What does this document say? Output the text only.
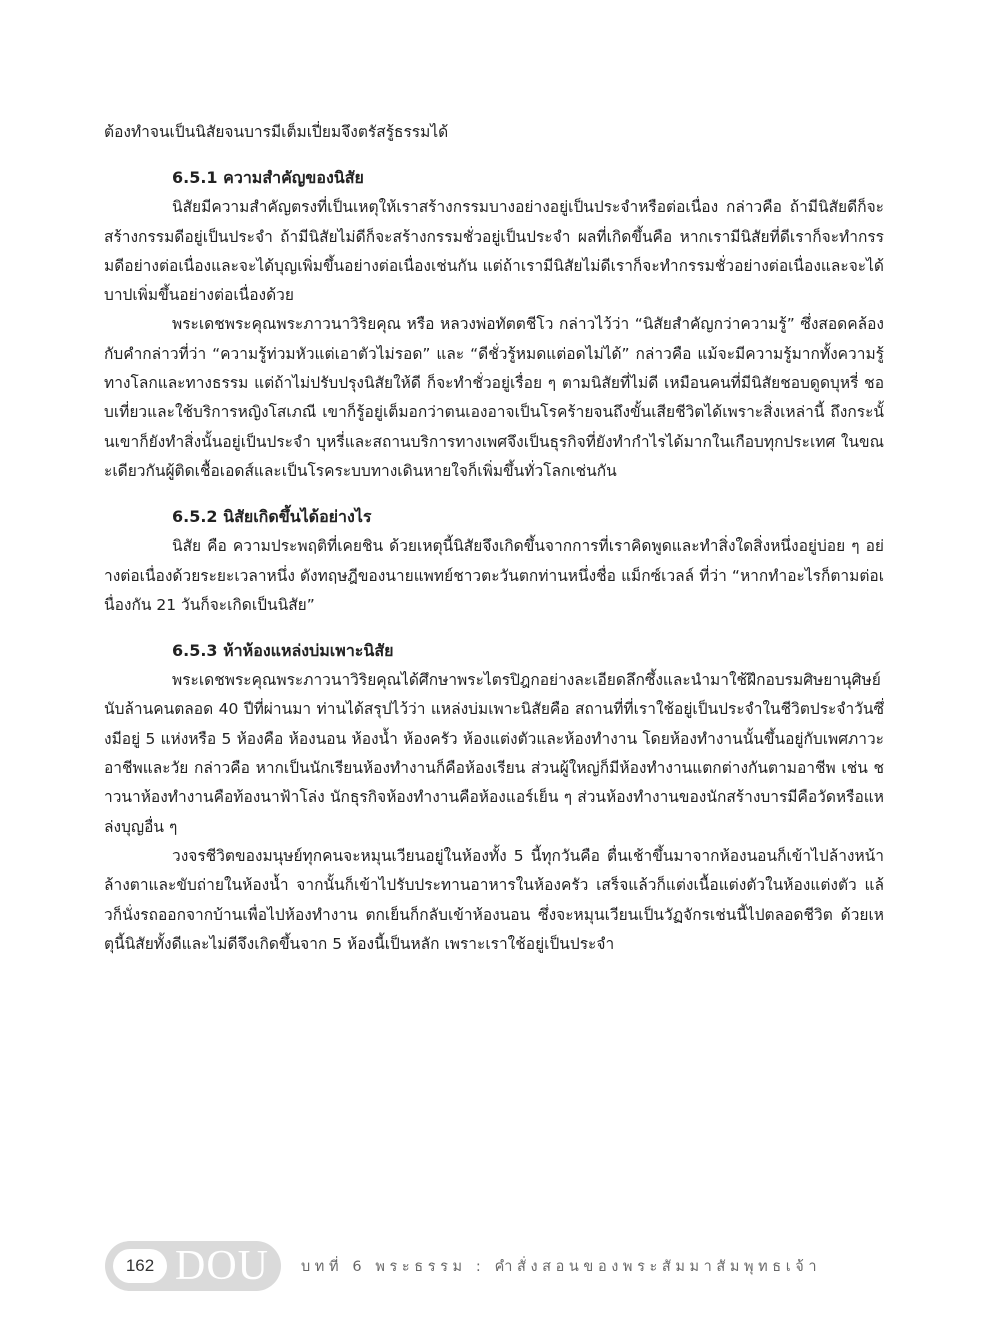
ต้องทำจนเป็นนิสัยจนบารมีเต็มเปี่ยมจึงตรัสรู้ธรรมได้

6.5.1 ความสำคัญของนิสัย

นิสัยมีความสำคัญตรงที่เป็นเหตุให้เราสร้างกรรมบางอย่างอยู่เป็นประจำหรือต่อเนื่อง กล่าวคือ ถ้ามีนิสัยดีก็จะสร้างกรรมดีอยู่เป็นประจำ ถ้ามีนิสัยไม่ดีก็จะสร้างกรรมชั่วอยู่เป็นประจำ ผลที่เกิดขึ้นคือ หากเรามีนิสัยที่ดีเราก็จะทำกรรมดีอย่างต่อเนื่องและจะได้บุญเพิ่มขึ้นอย่างต่อเนื่องเช่นกัน แต่ถ้าเรามีนิสัยไม่ดีเราก็จะทำกรรมชั่วอย่างต่อเนื่องและจะได้บาปเพิ่มขึ้นอย่างต่อเนื่องด้วย

พระเดชพระคุณพระภาวนาวิริยคุณ หรือ หลวงพ่อทัตตชีโว กล่าวไว้ว่า “นิสัยสำคัญกว่าความรู้” ซึ่งสอดคล้องกับคำกล่าวที่ว่า “ความรู้ท่วมหัวแต่เอาตัวไม่รอด” และ “ดีชั่วรู้หมดแต่อดไม่ได้” กล่าวคือ แม้จะมีความรู้มากทั้งความรู้ทางโลกและทางธรรม แต่ถ้าไม่ปรับปรุงนิสัยให้ดี ก็จะทำชั่วอยู่เรื่อย ๆ ตามนิสัยที่ไม่ดี เหมือนคนที่มีนิสัยชอบดูดบุหรี่ ชอบเที่ยวและใช้บริการหญิงโสเภณี เขาก็รู้อยู่เต็มอกว่าตนเองอาจเป็นโรคร้ายจนถึงขั้นเสียชีวิตได้เพราะสิ่งเหล่านี้ ถึงกระนั้นเขาก็ยังทำสิ่งนั้นอยู่เป็นประจำ บุหรี่และสถานบริการทางเพศจึงเป็นธุรกิจที่ยังทำกำไรได้มากในเกือบทุกประเทศ ในขณะเดียวกันผู้ติดเชื้อเอดส์และเป็นโรคระบบทางเดินหายใจก็เพิ่มขึ้นทั่วโลกเช่นกัน

6.5.2 นิสัยเกิดขึ้นได้อย่างไร

นิสัย คือ ความประพฤติที่เคยชิน ด้วยเหตุนี้นิสัยจึงเกิดขึ้นจากการที่เราคิดพูดและทำสิ่งใดสิ่งหนึ่งอยู่บ่อย ๆ อย่างต่อเนื่องด้วยระยะเวลาหนึ่ง ดังทฤษฎีของนายแพทย์ชาวตะวันตกท่านหนึ่งชื่อ แม็กซ์เวลล์ ที่ว่า “หากทำอะไรก็ตามต่อเนื่องกัน 21 วันก็จะเกิดเป็นนิสัย”

6.5.3 ห้าห้องแหล่งบ่มเพาะนิสัย

พระเดชพระคุณพระภาวนาวิริยคุณได้ศึกษาพระไตรปิฎกอย่างละเอียดลึกซึ้งและนำมาใช้ฝึกอบรมศิษยานุศิษย์นับล้านคนตลอด 40 ปีที่ผ่านมา ท่านได้สรุปไว้ว่า แหล่งบ่มเพาะนิสัยคือ สถานที่ที่เราใช้อยู่เป็นประจำในชีวิตประจำวันซึ่งมีอยู่ 5 แห่งหรือ 5 ห้องคือ ห้องนอน ห้องน้ำ ห้องครัว ห้องแต่งตัวและห้องทำงาน โดยห้องทำงานนั้นขึ้นอยู่กับเพศภาวะอาชีพและวัย กล่าวคือ หากเป็นนักเรียนห้องทำงานก็คือห้องเรียน ส่วนผู้ใหญ่ก็มีห้องทำงานแตกต่างกันตามอาชีพ เช่น ชาวนาห้องทำงานคือท้องนาฟ้าโล่ง นักธุรกิจห้องทำงานคือห้องแอร์เย็น ๆ ส่วนห้องทำงานของนักสร้างบารมีคือวัดหรือแหล่งบุญอื่น ๆ

วงจรชีวิตของมนุษย์ทุกคนจะหมุนเวียนอยู่ในห้องทั้ง 5 นี้ทุกวันคือ ตื่นเช้าขึ้นมาจากห้องนอนก็เข้าไปล้างหน้าล้างตาและขับถ่ายในห้องน้ำ จากนั้นก็เข้าไปรับประทานอาหารในห้องครัว เสร็จแล้วก็แต่งเนื้อแต่งตัวในห้องแต่งตัว แล้วก็นั่งรถออกจากบ้านเพื่อไปห้องทำงาน ตกเย็นก็กลับเข้าห้องนอน ซึ่งจะหมุนเวียนเป็นวัฏจักรเช่นนี้ไปตลอดชีวิต ด้วยเหตุนี้นิสัยทั้งดีและไม่ดีจึงเกิดขึ้นจาก 5 ห้องนี้เป็นหลัก เพราะเราใช้อยู่เป็นประจำ

162 DOU บทที่ 6 พระธรรม : คำสั่งสอนของพระสัมมาสัมพุทธเจ้า
